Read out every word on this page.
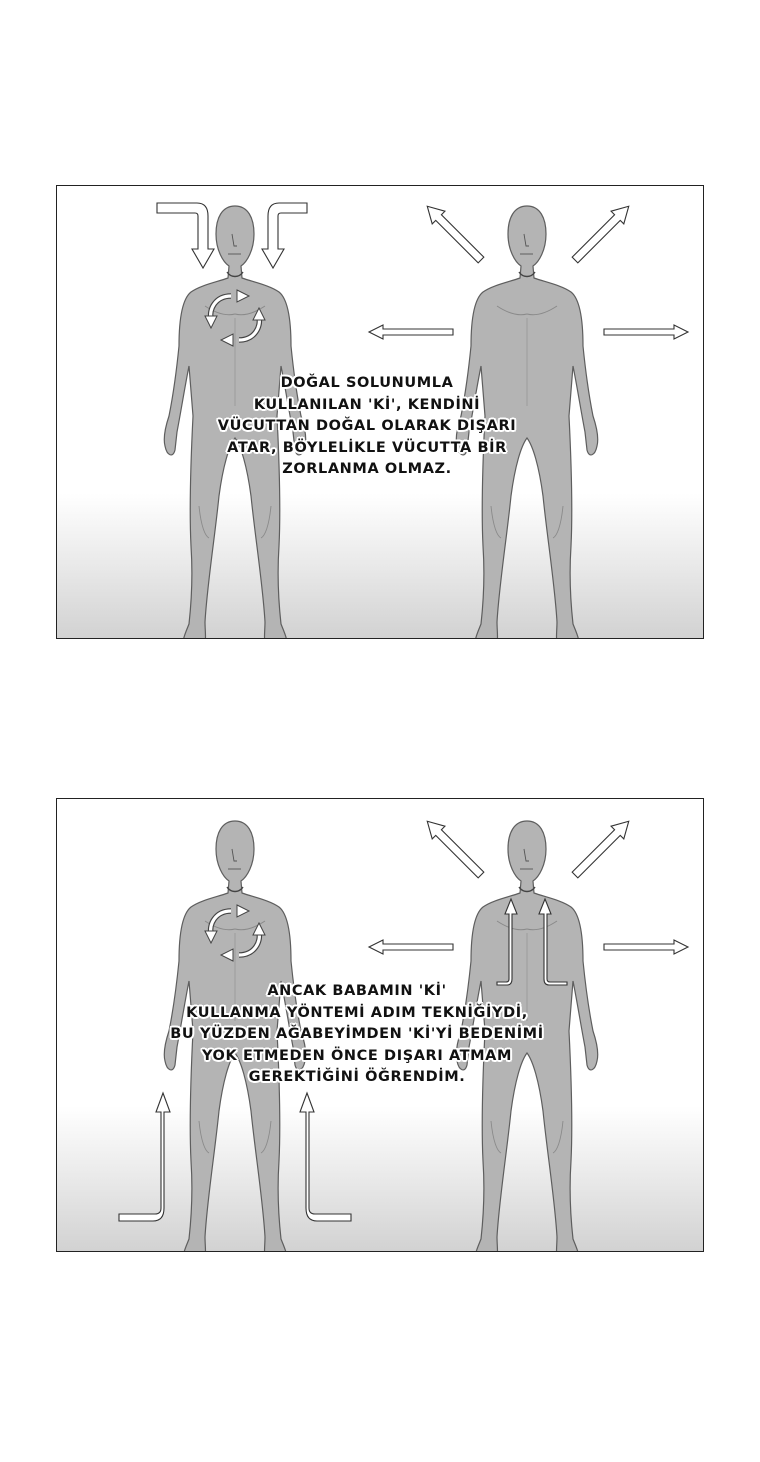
DOĞAL SOLUNUMLA
KULLANILAN 'Kİ', KENDİNİ
VÜCUTTAN DOĞAL OLARAK DIŞARI
ATAR, BÖYLELİKLE VÜCUTTA BİR
ZORLANMA OLMAZ.
ANCAK BABAMIN 'Kİ'
KULLANMA YÖNTEMİ ADIM TEKNİĞİYDİ,
BU YÜZDEN AĞABEYİMDEN 'Kİ'Yİ BEDENİMİ
YOK ETMEDEN ÖNCE DIŞARI ATMAM
GEREKTİĞİNİ ÖĞRENDİM.
